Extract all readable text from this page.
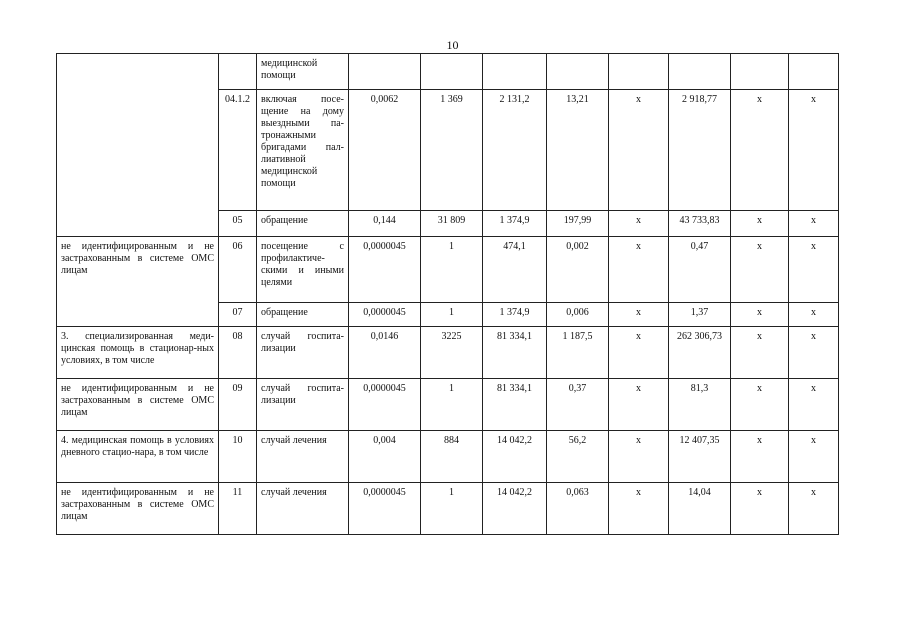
10
		медицинской помощи								
	04.1.2	включая посе-щение на дому выездными па-тронажными бригадами пал-лиативной медицинской помощи	0,0062	1 369	2 131,2	13,21	х	2 918,77	х	х
	05	обращение	0,144	31 809	1 374,9	197,99	х	43 733,83	х	х
не идентифицированным и не застрахованным в системе ОМС лицам	06	посещение с профилактиче-скими и иными целями	0,0000045	1	474,1	0,002	х	0,47	х	х
	07	обращение	0,0000045	1	1 374,9	0,006	х	1,37	х	х
3. специализированная меди-цинская помощь в стационар-ных условиях, в том числе	08	случай госпита-лизации	0,0146	3225	81 334,1	1 187,5	х	262 306,73	х	х
не идентифицированным и не застрахованным в системе ОМС лицам	09	случай госпита-лизации	0,0000045	1	81 334,1	0,37	х	81,3	х	х
4. медицинская помощь в условиях дневного стацио-нара, в том числе	10	случай лечения	0,004	884	14 042,2	56,2	х	12 407,35	х	х
не идентифицированным и не застрахованным в системе ОМС лицам	11	случай лечения	0,0000045	1	14 042,2	0,063	х	14,04	х	х
